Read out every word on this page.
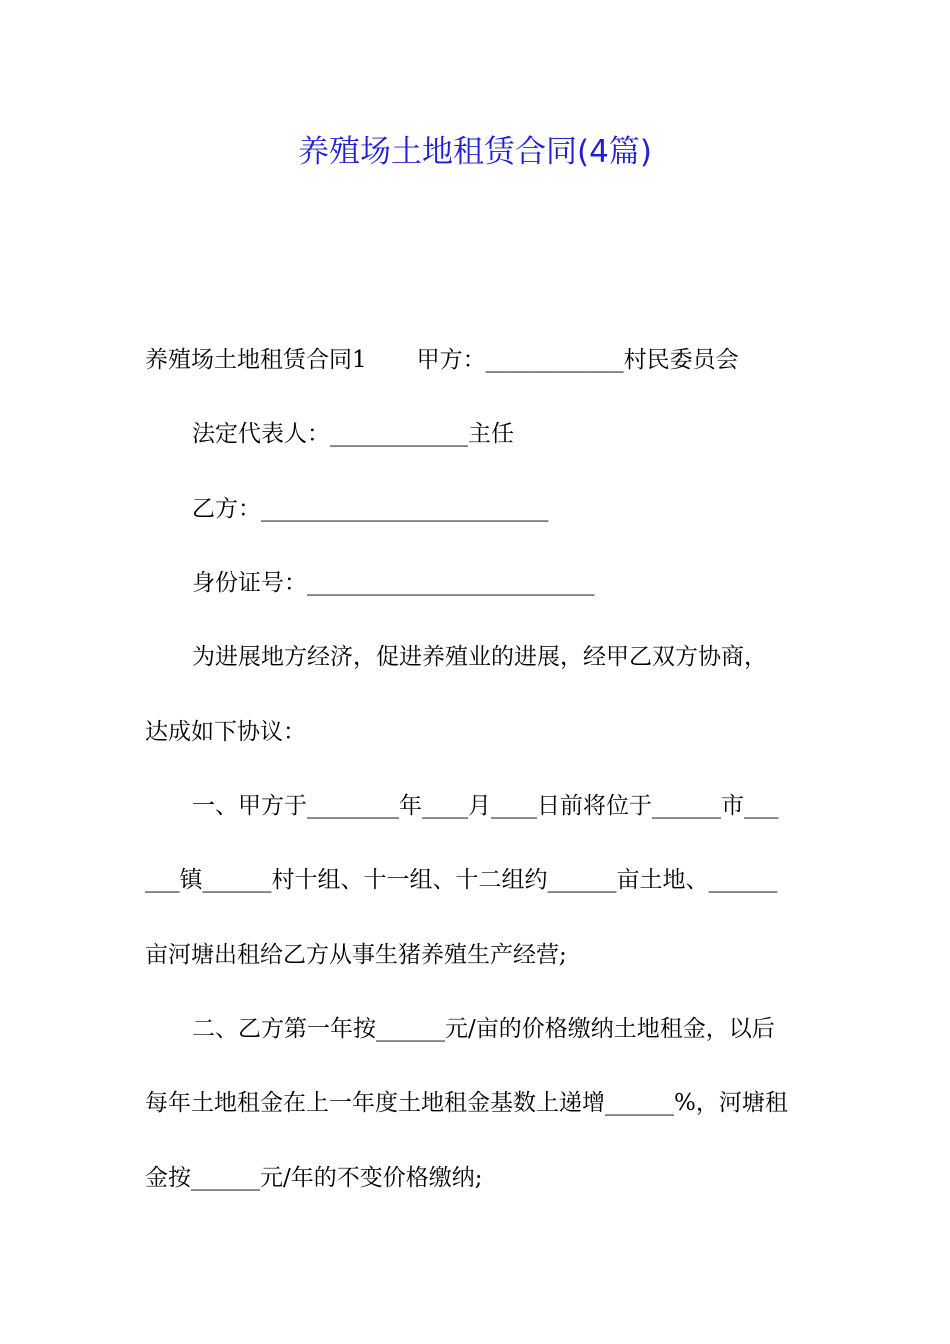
养殖场土地租赁合同(4篇)
养殖场土地租赁合同1 甲方：____________村民委员会
法定代表人：____________主任
乙方：_________________________
身份证号：_________________________
为进展地方经济，促进养殖业的进展，经甲乙双方协商，
达成如下协议：
一、甲方于________年____月____日前将位于______市___
___镇______村十组、十一组、十二组约______亩土地、______
亩河塘出租给乙方从事生猪养殖生产经营;
二、乙方第一年按______元/亩的价格缴纳土地租金，以后
每年土地租金在上一年度土地租金基数上递增______%，河塘租
金按______元/年的不变价格缴纳;
